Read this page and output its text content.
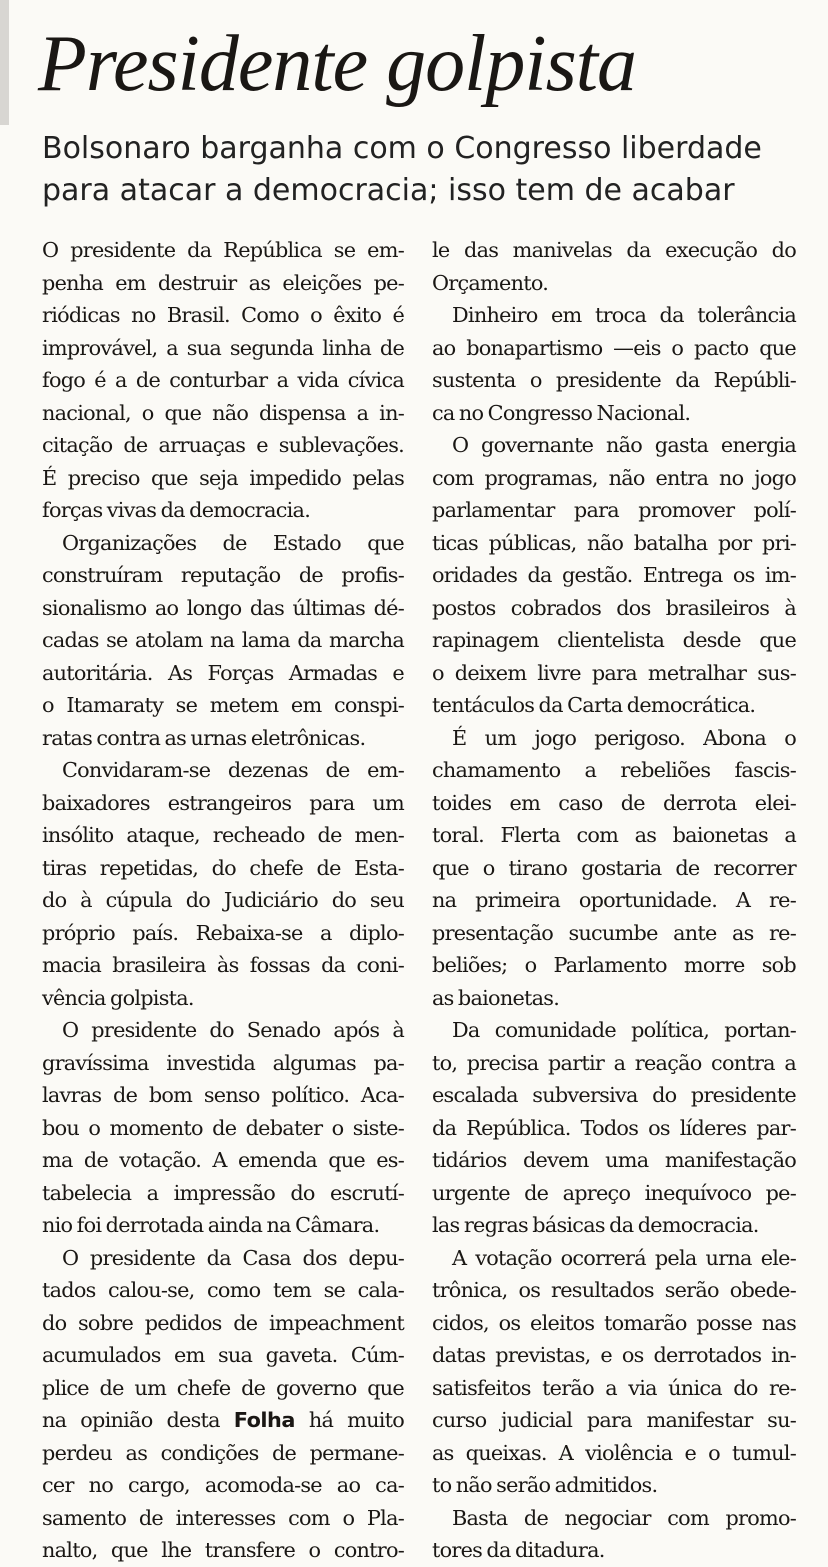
Presidente golpista
Bolsonaro barganha com o Congresso liberdade
para atacar a democracia; isso tem de acabar
O presidente da República se em-
penha em destruir as eleições pe-
riódicas no Brasil. Como o êxito é
improvável, a sua segunda linha de
fogo é a de conturbar a vida cívica
nacional, o que não dispensa a in-
citação de arruaças e sublevações.
É preciso que seja impedido pelas
forças vivas da democracia.
Organizações de Estado que
construíram reputação de profis-
sionalismo ao longo das últimas dé-
cadas se atolam na lama da marcha
autoritária. As Forças Armadas e
o Itamaraty se metem em conspi-
ratas contra as urnas eletrônicas.
Convidaram-se dezenas de em-
baixadores estrangeiros para um
insólito ataque, recheado de men-
tiras repetidas, do chefe de Esta-
do à cúpula do Judiciário do seu
próprio país. Rebaixa-se a diplo-
macia brasileira às fossas da coni-
vência golpista.
O presidente do Senado após à
gravíssima investida algumas pa-
lavras de bom senso político. Aca-
bou o momento de debater o siste-
ma de votação. A emenda que es-
tabelecia a impressão do escrutí-
nio foi derrotada ainda na Câmara.
O presidente da Casa dos depu-
tados calou-se, como tem se cala-
do sobre pedidos de impeachment
acumulados em sua gaveta. Cúm-
plice de um chefe de governo que
na opinião desta Folha há muito
perdeu as condições de permane-
cer no cargo, acomoda-se ao ca-
samento de interesses com o Pla-
nalto, que lhe transfere o contro-
le das manivelas da execução do
Orçamento.
Dinheiro em troca da tolerância
ao bonapartismo —eis o pacto que
sustenta o presidente da Repúbli-
ca no Congresso Nacional.
O governante não gasta energia
com programas, não entra no jogo
parlamentar para promover polí-
ticas públicas, não batalha por pri-
oridades da gestão. Entrega os im-
postos cobrados dos brasileiros à
rapinagem clientelista desde que
o deixem livre para metralhar sus-
tentáculos da Carta democrática.
É um jogo perigoso. Abona o
chamamento a rebeliões fascis-
toides em caso de derrota elei-
toral. Flerta com as baionetas a
que o tirano gostaria de recorrer
na primeira oportunidade. A re-
presentação sucumbe ante as re-
beliões; o Parlamento morre sob
as baionetas.
Da comunidade política, portan-
to, precisa partir a reação contra a
escalada subversiva do presidente
da República. Todos os líderes par-
tidários devem uma manifestação
urgente de apreço inequívoco pe-
las regras básicas da democracia.
A votação ocorrerá pela urna ele-
trônica, os resultados serão obede-
cidos, os eleitos tomarão posse nas
datas previstas, e os derrotados in-
satisfeitos terão a via única do re-
curso judicial para manifestar su-
as queixas. A violência e o tumul-
to não serão admitidos.
Basta de negociar com promo-
tores da ditadura.
